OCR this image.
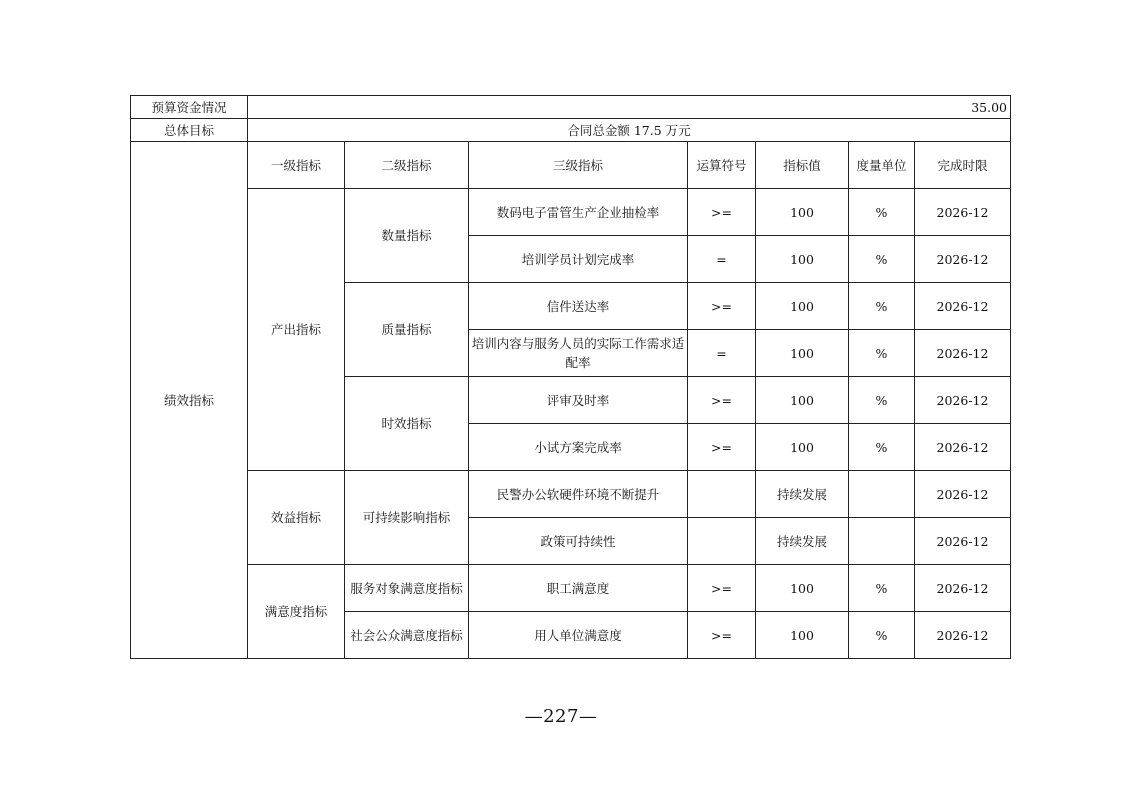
预算资金情况	35.00						
总体目标	合同总金额 17.5 万元						
绩效指标	一级指标	二级指标	三级指标	运算符号	指标值	度量单位	完成时限
	产出指标	数量指标	数码电子雷管生产企业抽检率	>=	100	%	2026-12
			培训学员计划完成率	=	100	%	2026-12
		质量指标	信件送达率	>=	100	%	2026-12
			培训内容与服务人员的实际工作需求适配率	=	100	%	2026-12
		时效指标	评审及时率	>=	100	%	2026-12
			小试方案完成率	>=	100	%	2026-12
	效益指标	可持续影响指标	民警办公软硬件环境不断提升		持续发展		2026-12
			政策可持续性		持续发展		2026-12
	满意度指标	服务对象满意度指标	职工满意度	>=	100	%	2026-12
		社会公众满意度指标	用人单位满意度	>=	100	%	2026-12
—227—
